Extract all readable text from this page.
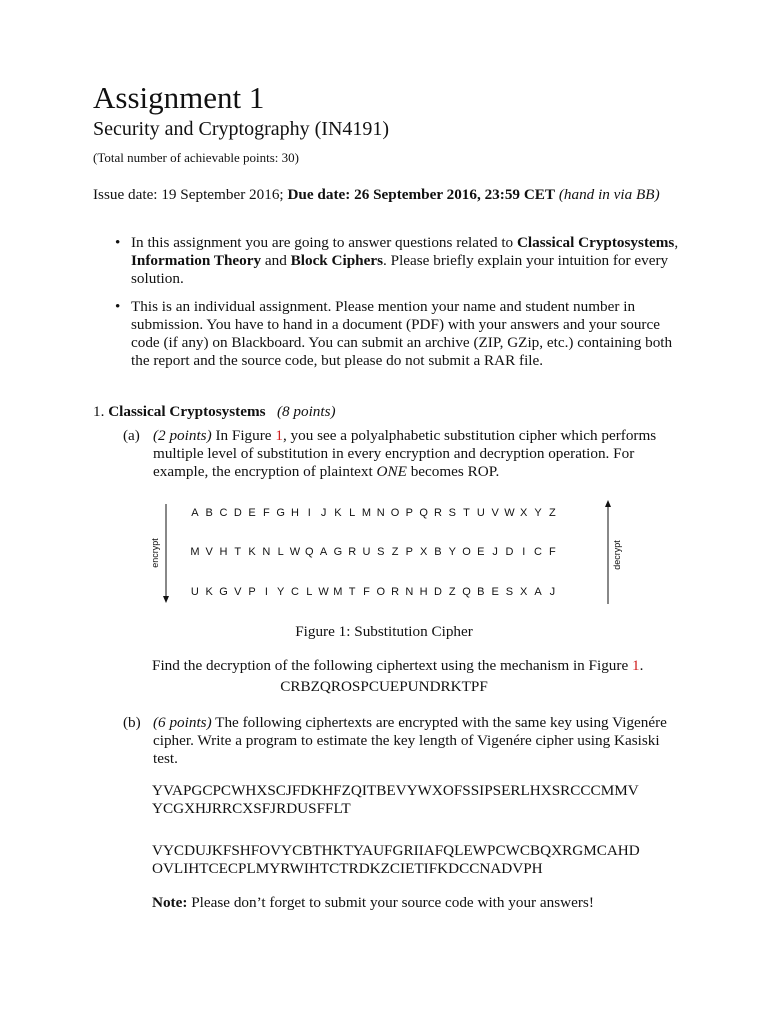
Assignment 1
Security and Cryptography (IN4191)
(Total number of achievable points: 30)
Issue date: 19 September 2016; Due date: 26 September 2016, 23:59 CET (hand in via BB)
• In this assignment you are going to answer questions related to Classical Cryptosystems, Information Theory and Block Ciphers. Please briefly explain your intuition for every solution.
• This is an individual assignment. Please mention your name and student number in submission. You have to hand in a document (PDF) with your answers and your source code (if any) on Blackboard. You can submit an archive (ZIP, GZip, etc.) containing both the report and the source code, but please do not submit a RAR file.
1. Classical Cryptosystems (8 points)
(a) (2 points) In Figure 1, you see a polyalphabetic substitution cipher which performs multiple level of substitution in every encryption and decryption operation. For example, the encryption of plaintext ONE becomes ROP.
A B C D E F G H I J K L M N O P Q R S T U V W X Y Z
M V H T K N L W Q A G R U S Z P X B Y O E J D I C F
U K G V P I Y C L W M T F O R N H D Z Q B E S X A J
encrypt	decrypt
Figure 1: Substitution Cipher
Find the decryption of the following ciphertext using the mechanism in Figure 1.
CRBZQROSPCUEPUNDRKTPF
(b) (6 points) The following ciphertexts are encrypted with the same key using Vigenére cipher. Write a program to estimate the key length of Vigenére cipher using Kasiski test.
YVAPGCPCWHXSCJFDKHFZQITBEVYWXOFSSIPSERLHXSRCCCMMV
YCGXHJRRCXSFJRDUSFFLT
VYCDUJKFSHFOVYCBTHKTYAUFGRIIAFQLEWPCWCBQXRGMCAHD
OVLIHTCECPLMYRWIHTCTRDKZCIETIFKDCCNADVPH
Note: Please don’t forget to submit your source code with your answers!
